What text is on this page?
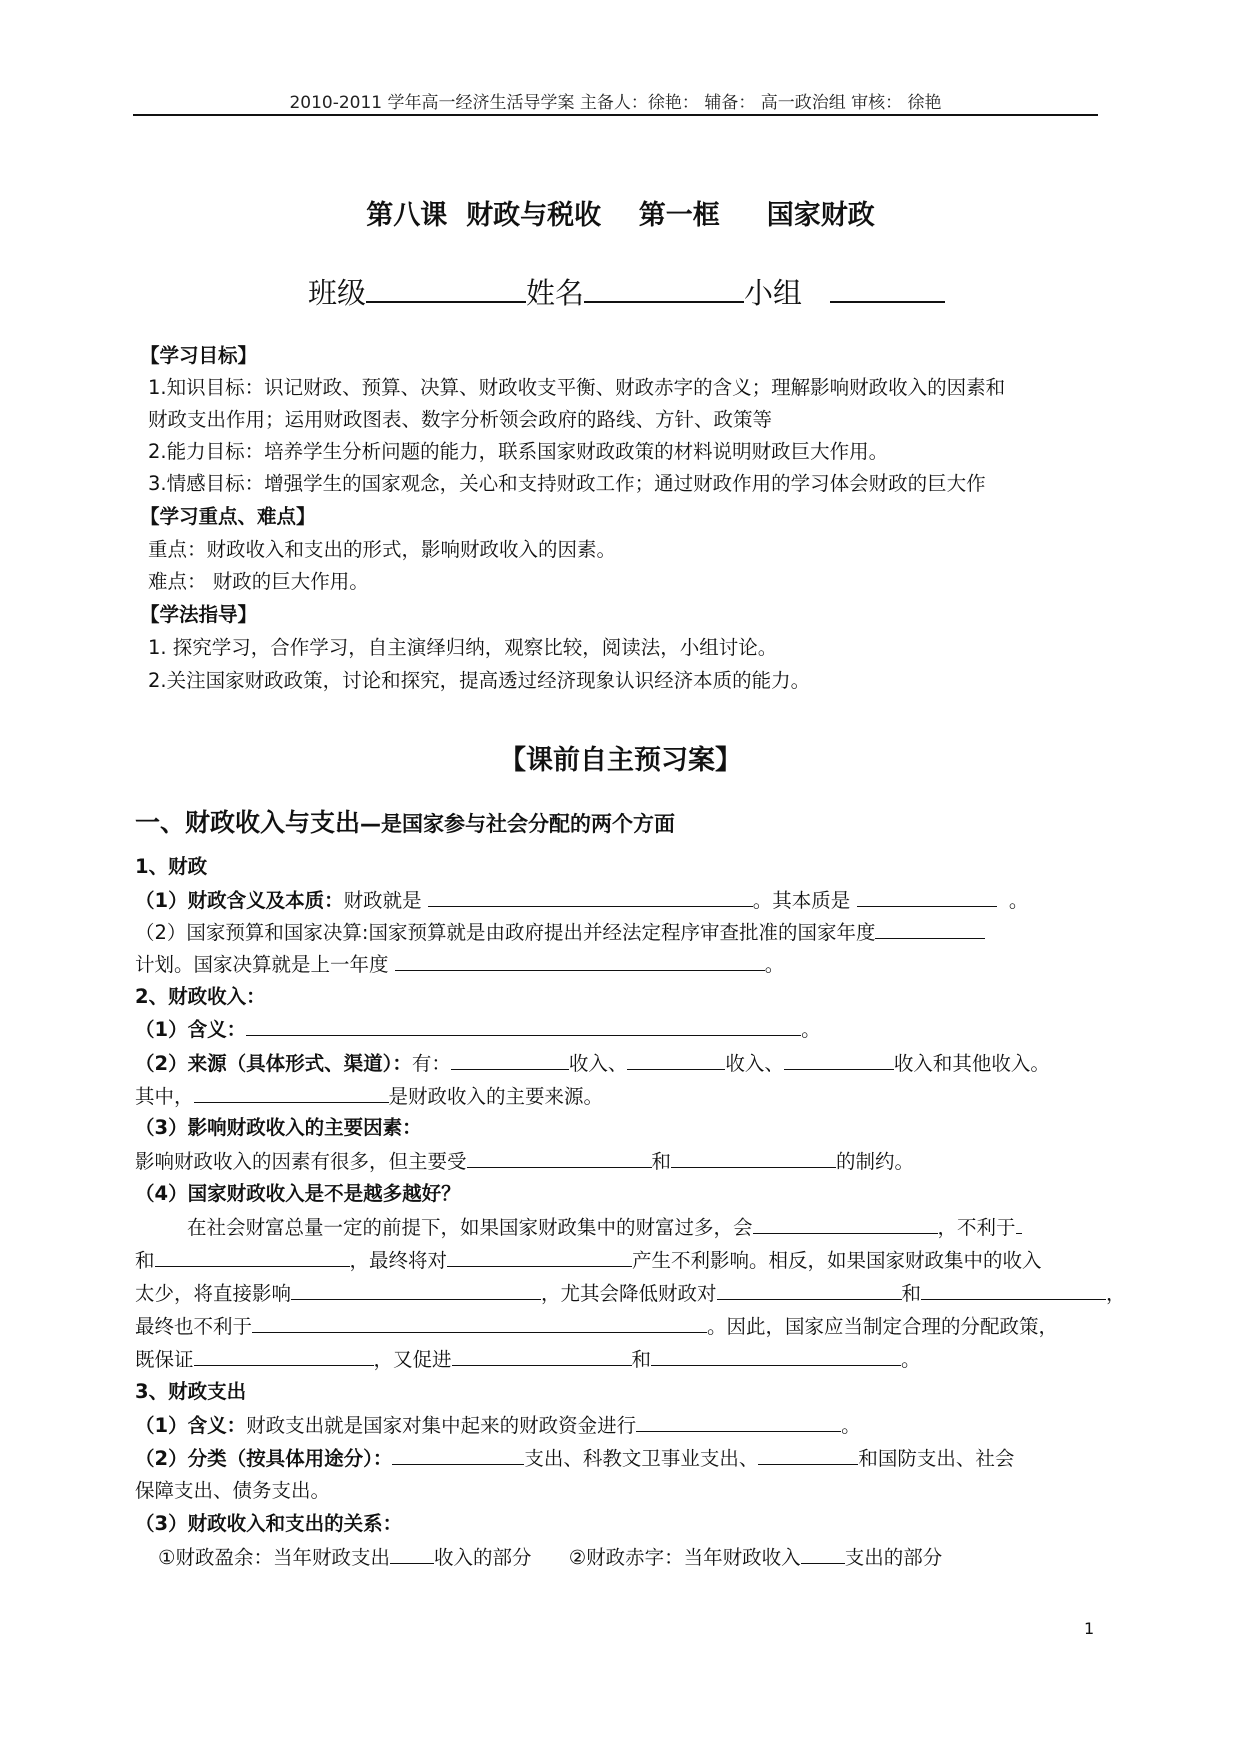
2010-2011 学年高一经济生活导学案 主备人：徐艳： 辅备： 高一政治组 审核： 徐艳
第八课  财政与税收    第一框     国家财政
班级	姓名	小组
【学习目标】
1.知识目标：识记财政、预算、决算、财政收支平衡、财政赤字的含义；理解影响财政收入的因素和
财政支出作用；运用财政图表、数字分析领会政府的路线、方针、政策等
2.能力目标：培养学生分析问题的能力，联系国家财政政策的材料说明财政巨大作用。
3.情感目标：增强学生的国家观念，关心和支持财政工作；通过财政作用的学习体会财政的巨大作
【学习重点、难点】
重点：财政收入和支出的形式，影响财政收入的因素。
难点： 财政的巨大作用。
【学法指导】
1. 探究学习，合作学习，自主演绎归纳，观察比较，阅读法，小组讨论。
2.关注国家财政政策，讨论和探究，提高透过经济现象认识经济本质的能力。
【课前自主预习案】
一、财政收入与支出—是国家参与社会分配的两个方面
1、财政
（1）财政含义及本质：财政就是	。其本质是	。
（2）国家预算和国家决算:国家预算就是由政府提出并经法定程序审查批准的国家年度
计划。国家决算就是上一年度	。
2、财政收入：
（1）含义：	。
（2）来源（具体形式、渠道）：有：	收入、	收入、	收入和其他收入。
其中，	是财政收入的主要来源。
（3）影响财政收入的主要因素：
影响财政收入的因素有很多，但主要受	和	的制约。
（4）国家财政收入是不是越多越好？
在社会财富总量一定的前提下，如果国家财政集中的财富过多，会	，不利于
和	，最终将对	产生不利影响。相反，如果国家财政集中的收入
太少，将直接影响	，尤其会降低财政对	和	，
最终也不利于	。因此，国家应当制定合理的分配政策，
既保证	，又促进	和	。
3、财政支出
（1）含义：财政支出就是国家对集中起来的财政资金进行	。
（2）分类（按具体用途分）：	支出、科教文卫事业支出、	和国防支出、社会
保障支出、债务支出。
（3）财政收入和支出的关系：
①财政盈余：当年财政支出 收入的部分 ②财政赤字：当年财政收入 支出的部分
1
